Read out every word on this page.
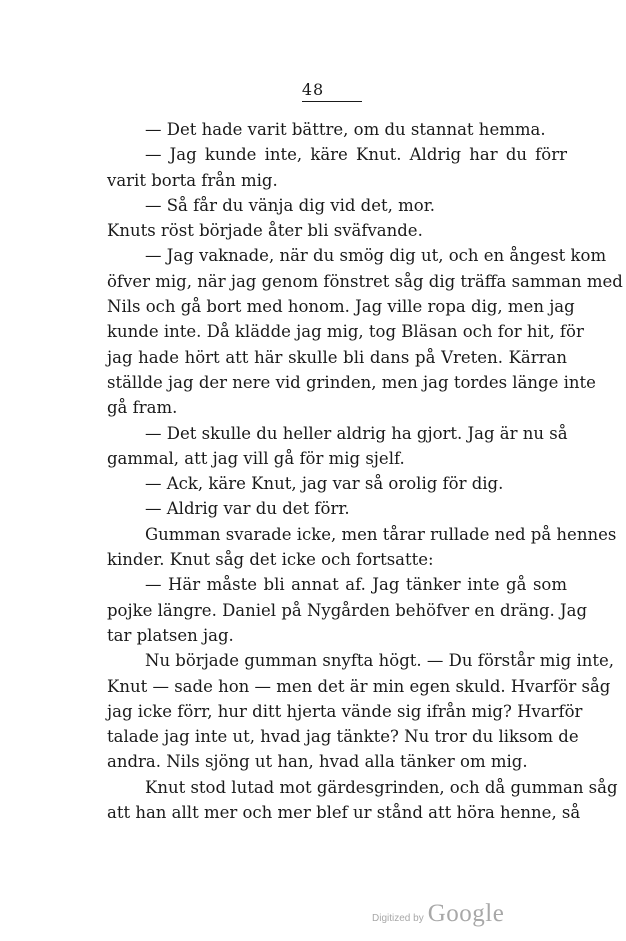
48
— Det hade varit bättre, om du stannat hemma.
— Jag kunde inte, käre Knut. Aldrig har du förr
varit borta från mig.
— Så får du vänja dig vid det, mor.
Knuts röst började åter bli sväfvande.
— Jag vaknade, när du smög dig ut, och en ångest kom
öfver mig, när jag genom fönstret såg dig träffa samman med
Nils och gå bort med honom. Jag ville ropa dig, men jag
kunde inte. Då klädde jag mig, tog Bläsan och for hit, för
jag hade hört att här skulle bli dans på Vreten. Kärran
ställde jag der nere vid grinden, men jag tordes länge inte
gå fram.
— Det skulle du heller aldrig ha gjort. Jag är nu så
gammal, att jag vill gå för mig sjelf.
— Ack, käre Knut, jag var så orolig för dig.
— Aldrig var du det förr.
Gumman svarade icke, men tårar rullade ned på hennes
kinder. Knut såg det icke och fortsatte:
— Här måste bli annat af. Jag tänker inte gå som
pojke längre. Daniel på Nygården behöfver en dräng. Jag
tar platsen jag.
Nu började gumman snyfta högt. — Du förstår mig inte,
Knut — sade hon — men det är min egen skuld. Hvarför såg
jag icke förr, hur ditt hjerta vände sig ifrån mig? Hvarför
talade jag inte ut, hvad jag tänkte? Nu tror du liksom de
andra. Nils sjöng ut han, hvad alla tänker om mig.
Knut stod lutad mot gärdesgrinden, och då gumman såg
att han allt mer och mer blef ur stånd att höra henne, så
Digitized by Google
